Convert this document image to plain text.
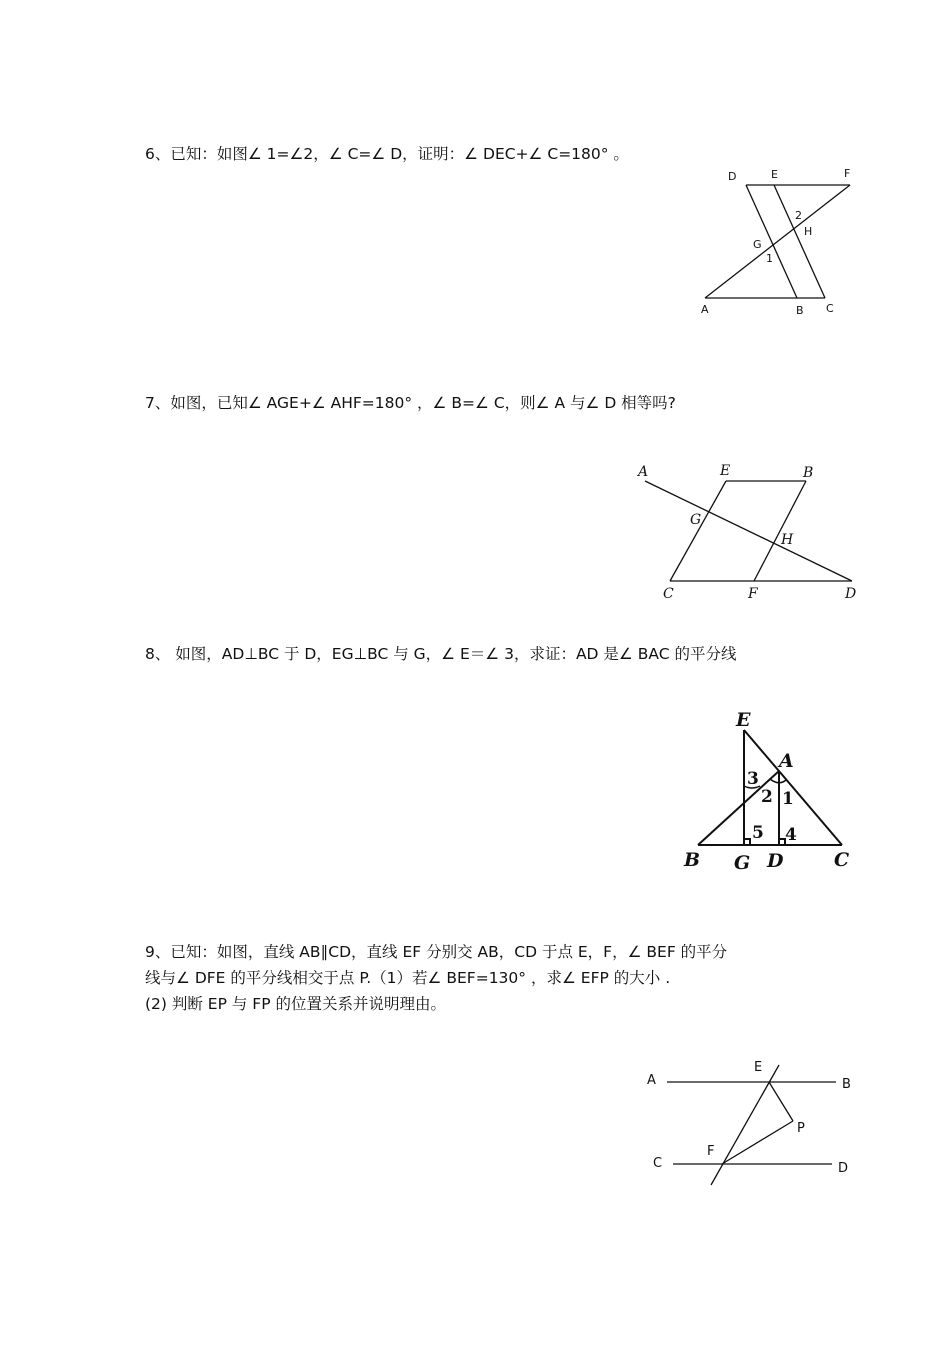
6、已知：如图∠ 1=∠2，∠ C=∠ D，证明：∠ DEC+∠ C=180° 。
7、如图，已知∠ AGE+∠ AHF=180° ，∠ B=∠ C，则∠ A 与∠ D 相等吗?
8、 如图，AD⊥BC 于 D，EG⊥BC 与 G，∠ E＝∠ 3，求证：AD 是∠ BAC 的平分线
9、已知：如图，直线 AB∥CD，直线 EF 分别交 AB，CD 于点 E，F，∠ BEF 的平分
线与∠ DFE 的平分线相交于点 P.（1）若∠ BEF=130° ，求∠ EFP 的大小 .
(2) 判断 EP 与 FP 的位置关系并说明理由。
D	E	F
2
H
G
1
A	B C
A	E	B
G
H
C	F	D
E
A
3
2 1
5 4
B G D	C
A	B
E
P
F
C	D
